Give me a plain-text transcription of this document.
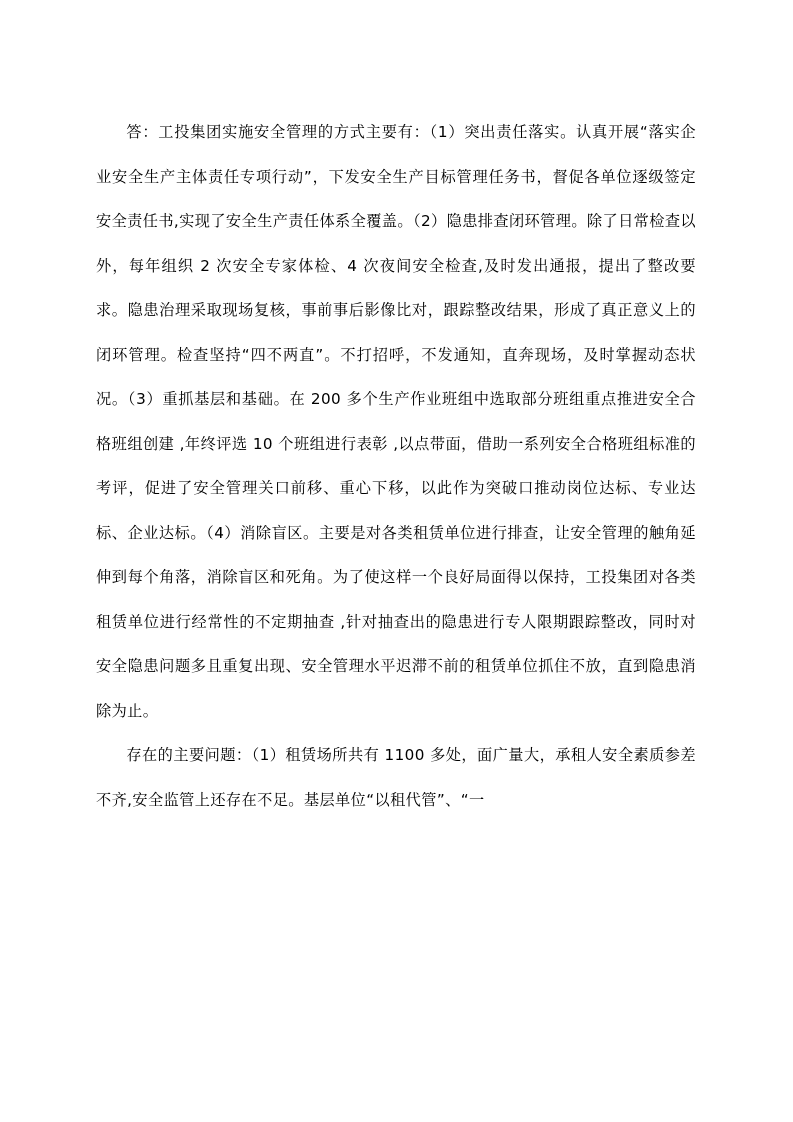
答：工投集团实施安全管理的方式主要有：（1）突出责任落实。认真开展“落实企业安全生产主体责任专项行动”，下发安全生产目标管理任务书，督促各单位逐级签定安全责任书,实现了安全生产责任体系全覆盖。（2）隐患排查闭环管理。除了日常检查以外，每年组织 2 次安全专家体检、4 次夜间安全检查,及时发出通报，提出了整改要求。隐患治理采取现场复核，事前事后影像比对，跟踪整改结果，形成了真正意义上的闭环管理。检查坚持“四不两直”。不打招呼，不发通知，直奔现场，及时掌握动态状况。（3）重抓基层和基础。在 200 多个生产作业班组中选取部分班组重点推进安全合格班组创建 ,年终评选 10 个班组进行表彰 ,以点带面，借助一系列安全合格班组标准的考评，促进了安全管理关口前移、重心下移，以此作为突破口推动岗位达标、专业达标、企业达标。（4）消除盲区。主要是对各类租赁单位进行排查，让安全管理的触角延伸到每个角落，消除盲区和死角。为了使这样一个良好局面得以保持，工投集团对各类租赁单位进行经常性的不定期抽查 ,针对抽查出的隐患进行专人限期跟踪整改，同时对安全隐患问题多且重复出现、安全管理水平迟滞不前的租赁单位抓住不放，直到隐患消除为止。

存在的主要问题：（1）租赁场所共有 1100 多处，面广量大，承租人安全素质参差不齐,安全监管上还存在不足。基层单位“以租代管”、“一
